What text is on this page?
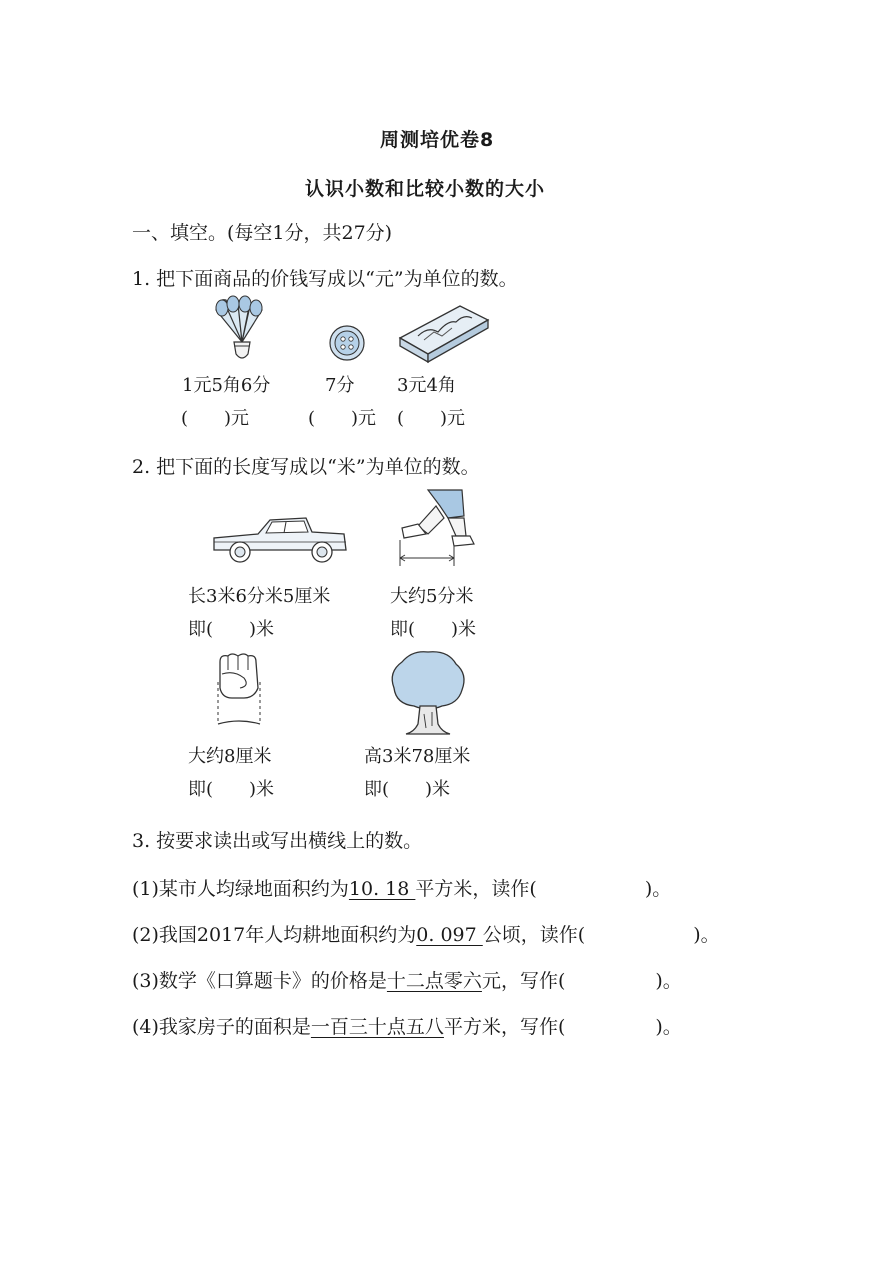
周测培优卷8
认识小数和比较小数的大小
一、填空。(每空1分，共27分)
1. 把下面商品的价钱写成以“元”为单位的数。
1元5角6分	7分 3元4角
(　　)元	(　　)元 (　　)元
2. 把下面的长度写成以“米”为单位的数。
长3米6分米5厘米	大约5分米
即(　　)米	即(　　)米
大约8厘米	高3米78厘米
即(　　)米	即(　　)米
3. 按要求读出或写出横线上的数。
(1)某市人均绿地面积约为10. 18 平方米，读作(	)。
(2)我国2017年人均耕地面积约为0. 097 公顷，读作(	)。
(3)数学《口算题卡》的价格是十二点零六元，写作(	)。
(4)我家房子的面积是一百三十点五八平方米，写作(	)。
